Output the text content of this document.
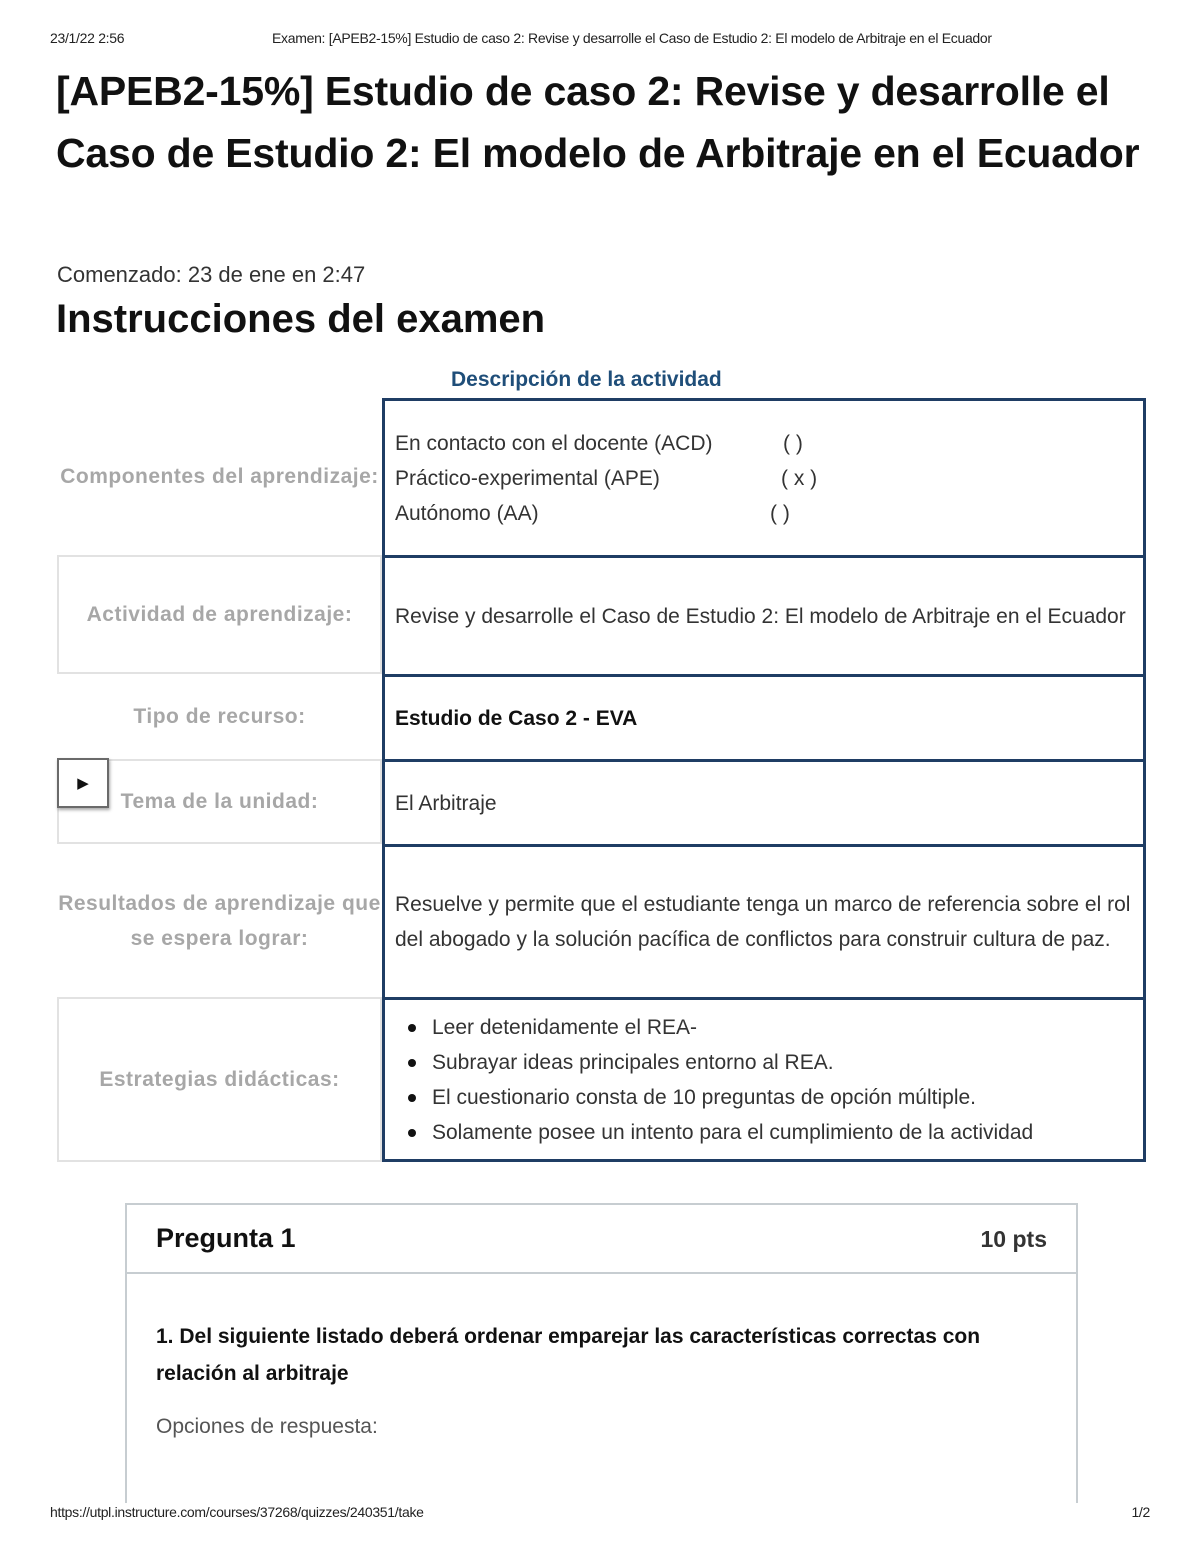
23/1/22 2:56	Examen: [APEB2-15%] Estudio de caso 2: Revise y desarrolle el Caso de Estudio 2: El modelo de Arbitraje en el Ecuador
[APEB2-15%] Estudio de caso 2: Revise y desarrolle el Caso de Estudio 2: El modelo de Arbitraje en el Ecuador
Comenzado: 23 de ene en 2:47
Instrucciones del examen
Descripción de la actividad
Componentes del aprendizaje:
En contacto con el docente (ACD)	( )
Práctico-experimental (APE)	( x )
Autónomo (AA)	( )
Actividad de aprendizaje: Revise y desarrolle el Caso de Estudio 2: El modelo de Arbitraje en el Ecuador
Tipo de recurso:	Estudio de Caso 2 - EVA
Tema de la unidad:	El Arbitraje
Resultados de aprendizaje que se espera lograr:
Resuelve y permite que el estudiante tenga un marco de referencia sobre el rol del abogado y la solución pacífica de conflictos para construir cultura de paz.
Estrategias didácticas:
Leer detenidamente el REA-
Subrayar ideas principales entorno al REA.
El cuestionario consta de 10 preguntas de opción múltiple.
Solamente posee un intento para el cumplimiento de la actividad
▶
Pregunta 1	10 pts
1. Del siguiente listado deberá ordenar emparejar las características correctas con relación al arbitraje
Opciones de respuesta:
https://utpl.instructure.com/courses/37268/quizzes/240351/take	1/2
